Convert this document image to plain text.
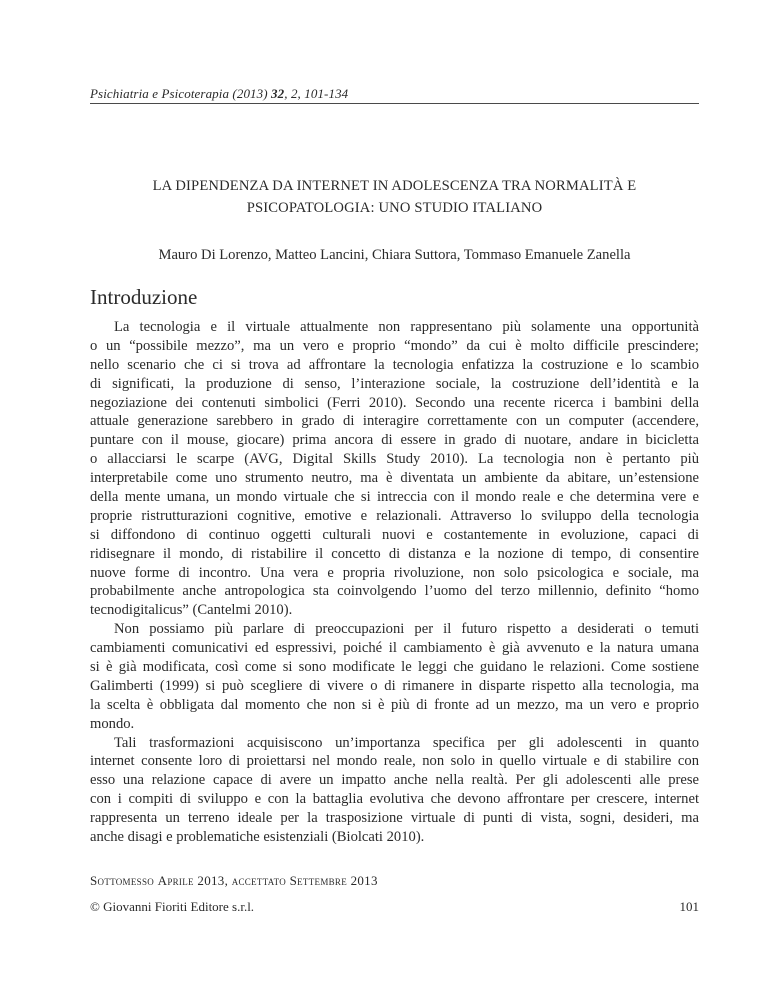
Psichiatria e Psicoterapia (2013) 32, 2, 101-134
LA DIPENDENZA DA INTERNET IN ADOLESCENZA TRA NORMALITÀ E
PSICOPATOLOGIA: UNO STUDIO ITALIANO
Mauro Di Lorenzo, Matteo Lancini, Chiara Suttora, Tommaso Emanuele Zanella
Introduzione
La tecnologia e il virtuale attualmente non rappresentano più solamente una opportunità
o un “possibile mezzo”, ma un vero e proprio “mondo” da cui è molto difficile prescindere;
nello scenario che ci si trova ad affrontare la tecnologia enfatizza la costruzione e lo scambio
di significati, la produzione di senso, l’interazione sociale, la costruzione dell’identità e la
negoziazione dei contenuti simbolici (Ferri 2010). Secondo una recente ricerca i bambini della
attuale generazione sarebbero in grado di interagire correttamente con un computer (accendere,
puntare con il mouse, giocare) prima ancora di essere in grado di nuotare, andare in bicicletta
o allacciarsi le scarpe (AVG, Digital Skills Study 2010). La tecnologia non è pertanto più
interpretabile come uno strumento neutro, ma è diventata un ambiente da abitare, un’estensione
della mente umana, un mondo virtuale che si intreccia con il mondo reale e che determina vere e
proprie ristrutturazioni cognitive, emotive e relazionali. Attraverso lo sviluppo della tecnologia
si diffondono di continuo oggetti culturali nuovi e costantemente in evoluzione, capaci di
ridisegnare il mondo, di ristabilire il concetto di distanza e la nozione di tempo, di consentire
nuove forme di incontro. Una vera e propria rivoluzione, non solo psicologica e sociale, ma
probabilmente anche antropologica sta coinvolgendo l’uomo del terzo millennio, definito “homo
tecnodigitalicus” (Cantelmi 2010).
Non possiamo più parlare di preoccupazioni per il futuro rispetto a desiderati o temuti
cambiamenti comunicativi ed espressivi, poiché il cambiamento è già avvenuto e la natura umana
si è già modificata, così come si sono modificate le leggi che guidano le relazioni. Come sostiene
Galimberti (1999) si può scegliere di vivere o di rimanere in disparte rispetto alla tecnologia, ma
la scelta è obbligata dal momento che non si è più di fronte ad un mezzo, ma un vero e proprio
mondo.
Tali trasformazioni acquisiscono un’importanza specifica per gli adolescenti in quanto
internet consente loro di proiettarsi nel mondo reale, non solo in quello virtuale e di stabilire con
esso una relazione capace di avere un impatto anche nella realtà. Per gli adolescenti alle prese
con i compiti di sviluppo e con la battaglia evolutiva che devono affrontare per crescere, internet
rappresenta un terreno ideale per la trasposizione virtuale di punti di vista, sogni, desideri, ma
anche disagi e problematiche esistenziali (Biolcati 2010).
Sottomesso Aprile 2013, accettato Settembre 2013
© Giovanni Fioriti Editore s.r.l.	101
